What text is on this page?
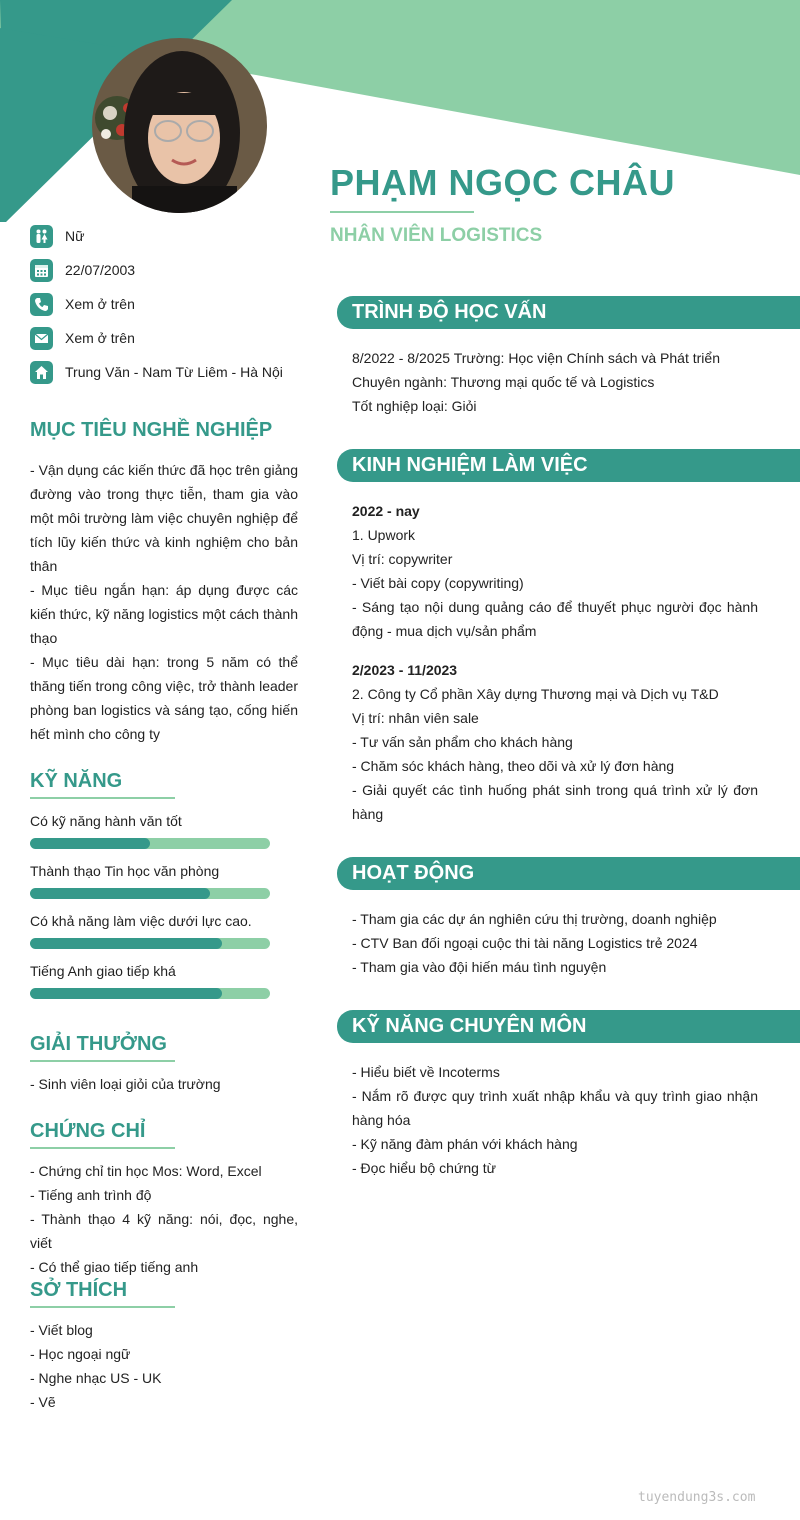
PHẠM NGỌC CHÂU
NHÂN VIÊN LOGISTICS
Nữ
22/07/2003
Xem ở trên
Xem ở trên
Trung Văn - Nam Từ Liêm - Hà Nội
MỤC TIÊU NGHỀ NGHIỆP

- Vận dụng các kiến thức đã học trên giảng đường vào trong thực tiễn, tham gia vào một môi trường làm việc chuyên nghiệp để tích lũy kiến thức và kinh nghiệm cho bản thân

- Mục tiêu ngắn hạn: áp dụng được các kiến thức, kỹ năng logistics một cách thành thạo

- Mục tiêu dài hạn: trong 5 năm có thể thăng tiến trong công việc, trở thành leader phòng ban logistics và sáng tạo, cống hiến hết mình cho công ty

KỸ NĂNG
Có kỹ năng hành văn tốt
Thành thạo Tin học văn phòng
Có khả năng làm việc dưới lực cao.
Tiếng Anh giao tiếp khá
GIẢI THƯỞNG

- Sinh viên loại giỏi của trường

CHỨNG CHỈ

- Chứng chỉ tin học Mos: Word, Excel

- Tiếng anh trình độ

- Thành thạo 4 kỹ năng: nói, đọc, nghe, viết

- Có thể giao tiếp tiếng anh

SỞ THÍCH

- Viết blog

- Học ngoại ngữ

- Nghe nhạc US - UK

- Vẽ

TRÌNH ĐỘ HỌC VẤN

8/2022 - 8/2025 Trường: Học viện Chính sách và Phát triển

Chuyên ngành: Thương mại quốc tế và Logistics

Tốt nghiệp loại: Giỏi

KINH NGHIỆM LÀM VIỆC

2022 - nay

1. Upwork

Vị trí: copywriter

- Viết bài copy (copywriting)

- Sáng tạo nội dung quảng cáo để thuyết phục người đọc hành động - mua dịch vụ/sản phẩm

2/2023 - 11/2023

2. Công ty Cổ phần Xây dựng Thương mại và Dịch vụ T&D

Vị trí: nhân viên sale

- Tư vấn sản phẩm cho khách hàng

- Chăm sóc khách hàng, theo dõi và xử lý đơn hàng

- Giải quyết các tình huống phát sinh trong quá trình xử lý đơn hàng

HOẠT ĐỘNG

- Tham gia các dự án nghiên cứu thị trường, doanh nghiệp

- CTV Ban đối ngoại cuộc thi tài năng Logistics trẻ 2024

- Tham gia vào đội hiến máu tình nguyện

KỸ NĂNG CHUYÊN MÔN

- Hiểu biết về Incoterms

- Nắm rõ được quy trình xuất nhập khẩu và quy trình giao nhận hàng hóa

- Kỹ năng đàm phán với khách hàng

- Đọc hiểu bộ chứng từ

tuyendung3s.com
